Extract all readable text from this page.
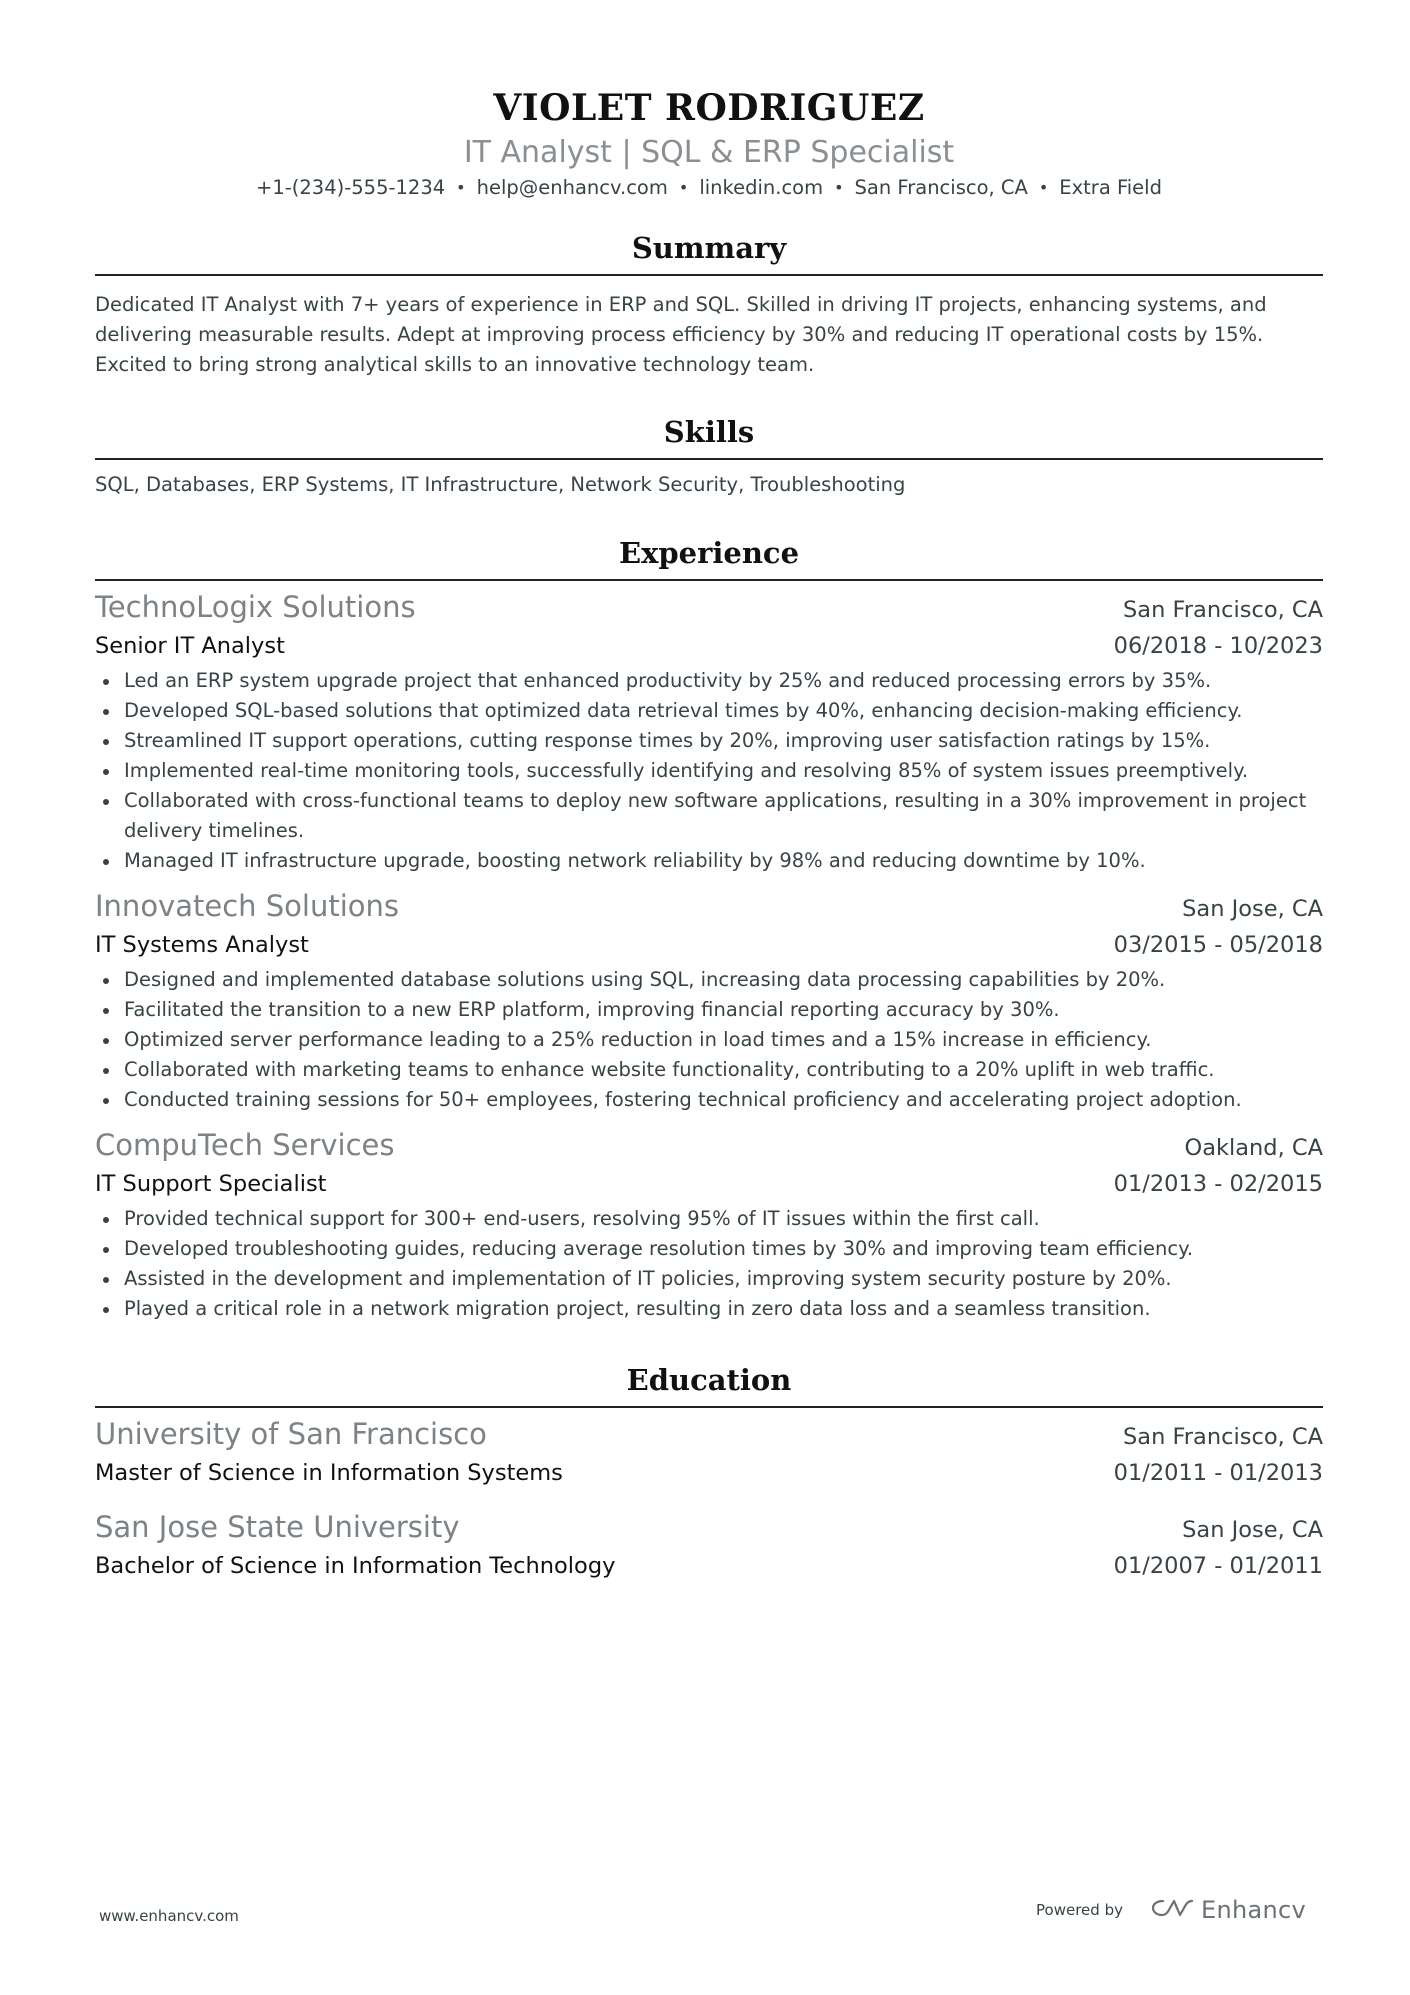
VIOLET RODRIGUEZ
IT Analyst | SQL & ERP Specialist
+1-(234)-555-1234 • help@enhancv.com • linkedin.com • San Francisco, CA • Extra Field
Summary
Dedicated IT Analyst with 7+ years of experience in ERP and SQL. Skilled in driving IT projects, enhancing systems, and delivering measurable results. Adept at improving process efficiency by 30% and reducing IT operational costs by 15%. Excited to bring strong analytical skills to an innovative technology team.
Skills
SQL, Databases, ERP Systems, IT Infrastructure, Network Security, Troubleshooting
Experience
TechnoLogix Solutions	San Francisco, CA
Senior IT Analyst	06/2018 - 10/2023
Led an ERP system upgrade project that enhanced productivity by 25% and reduced processing errors by 35%.
Developed SQL-based solutions that optimized data retrieval times by 40%, enhancing decision-making efficiency.
Streamlined IT support operations, cutting response times by 20%, improving user satisfaction ratings by 15%.
Implemented real-time monitoring tools, successfully identifying and resolving 85% of system issues preemptively.
Collaborated with cross-functional teams to deploy new software applications, resulting in a 30% improvement in project delivery timelines.
Managed IT infrastructure upgrade, boosting network reliability by 98% and reducing downtime by 10%.
Innovatech Solutions	San Jose, CA
IT Systems Analyst	03/2015 - 05/2018
Designed and implemented database solutions using SQL, increasing data processing capabilities by 20%.
Facilitated the transition to a new ERP platform, improving financial reporting accuracy by 30%.
Optimized server performance leading to a 25% reduction in load times and a 15% increase in efficiency.
Collaborated with marketing teams to enhance website functionality, contributing to a 20% uplift in web traffic.
Conducted training sessions for 50+ employees, fostering technical proficiency and accelerating project adoption.
CompuTech Services	Oakland, CA
IT Support Specialist	01/2013 - 02/2015
Provided technical support for 300+ end-users, resolving 95% of IT issues within the first call.
Developed troubleshooting guides, reducing average resolution times by 30% and improving team efficiency.
Assisted in the development and implementation of IT policies, improving system security posture by 20%.
Played a critical role in a network migration project, resulting in zero data loss and a seamless transition.
Education
University of San Francisco	San Francisco, CA
Master of Science in Information Systems	01/2011 - 01/2013
San Jose State University	San Jose, CA
Bachelor of Science in Information Technology	01/2007 - 01/2011
www.enhancv.com	Powered by	Enhancv
